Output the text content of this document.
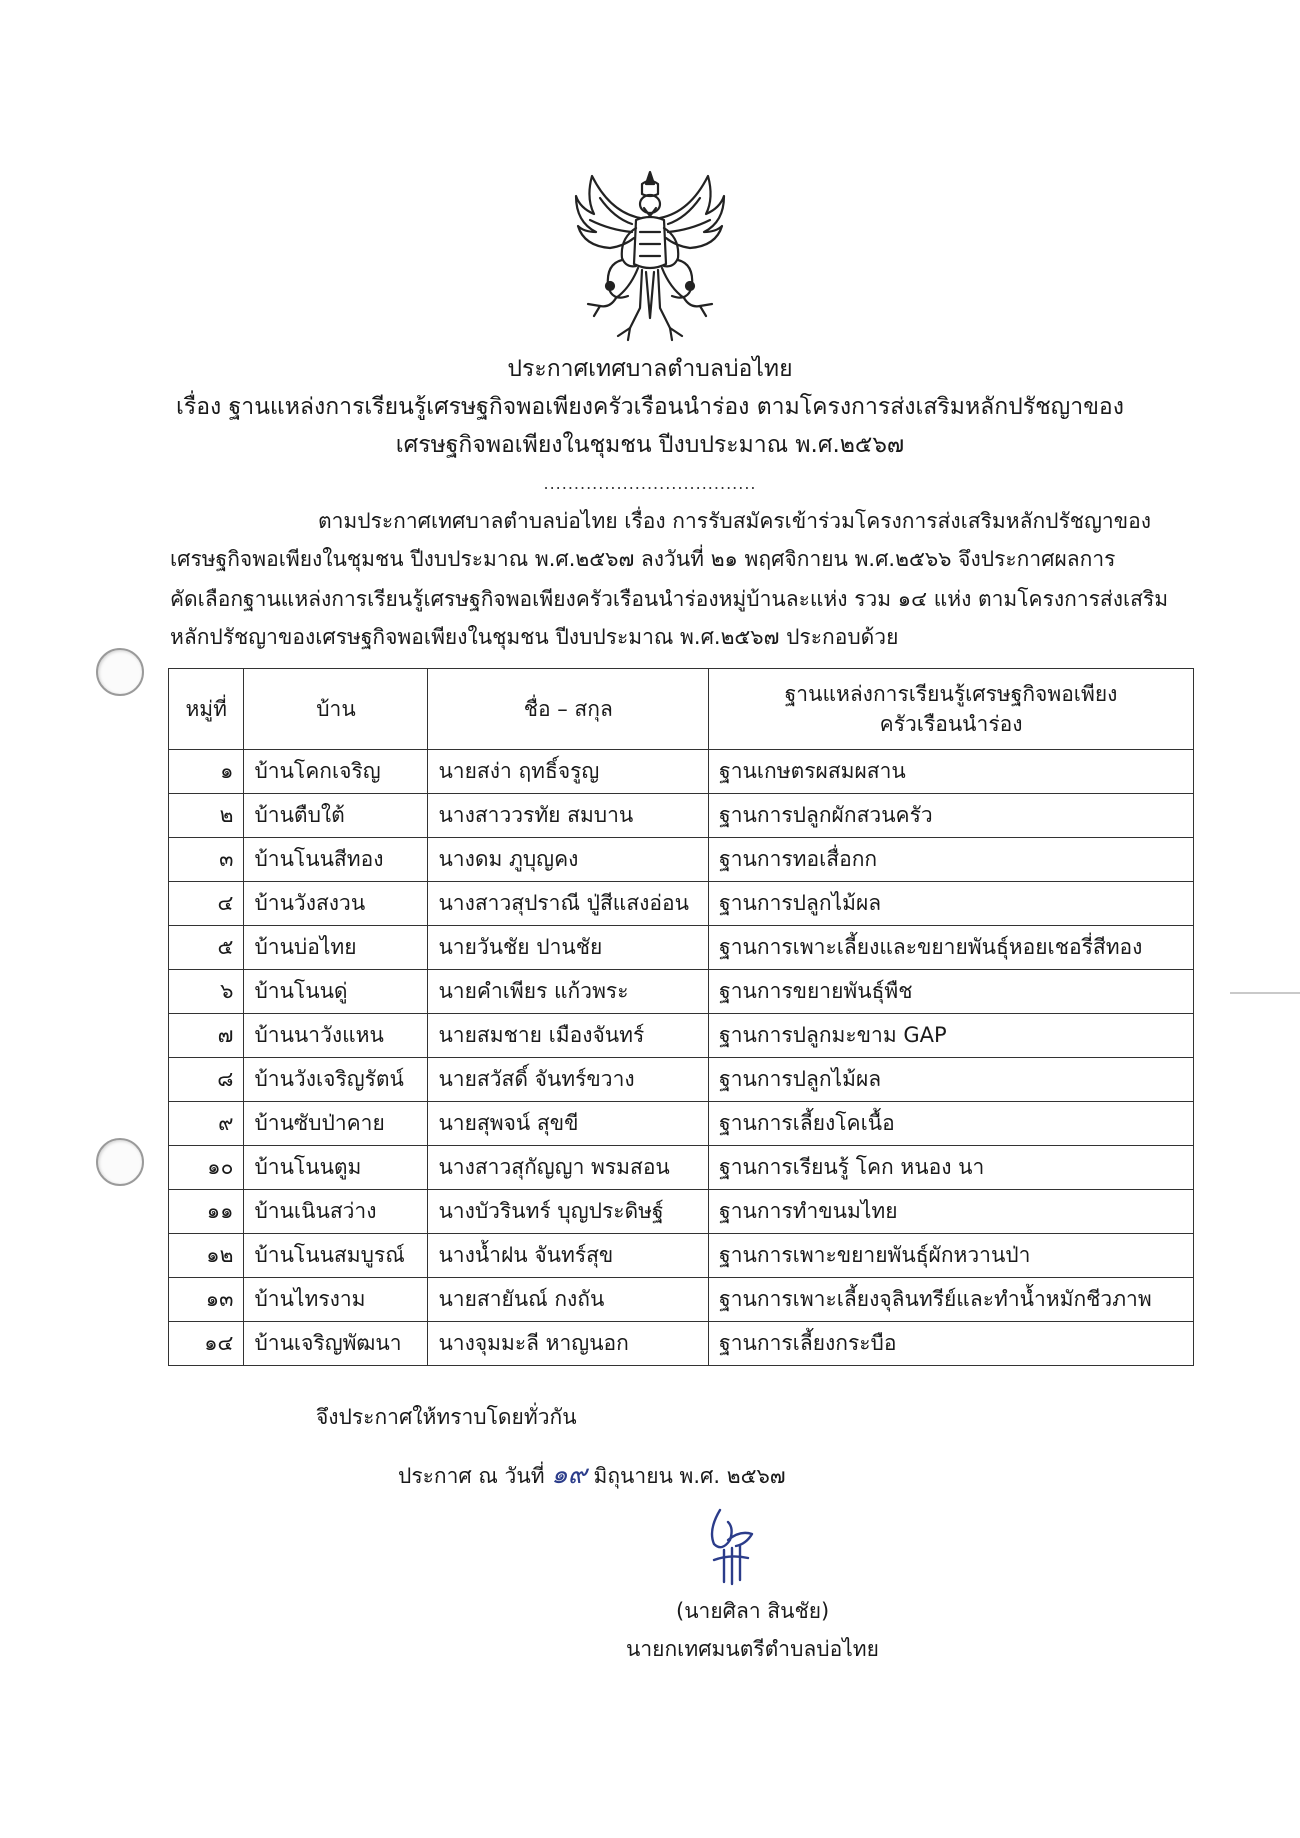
ประกาศเทศบาลตำบลบ่อไทย
เรื่อง ฐานแหล่งการเรียนรู้เศรษฐกิจพอเพียงครัวเรือนนำร่อง ตามโครงการส่งเสริมหลักปรัชญาของ
เศรษฐกิจพอเพียงในชุมชน ปีงบประมาณ พ.ศ.๒๕๖๗
...................................
ตามประกาศเทศบาลตำบลบ่อไทย เรื่อง การรับสมัครเข้าร่วมโครงการส่งเสริมหลักปรัชญาของ
เศรษฐกิจพอเพียงในชุมชน ปีงบประมาณ พ.ศ.๒๕๖๗ ลงวันที่ ๒๑ พฤศจิกายน พ.ศ.๒๕๖๖ จึงประกาศผลการ
คัดเลือกฐานแหล่งการเรียนรู้เศรษฐกิจพอเพียงครัวเรือนนำร่องหมู่บ้านละแห่ง รวม ๑๔ แห่ง ตามโครงการส่งเสริม
หลักปรัชญาของเศรษฐกิจพอเพียงในชุมชน ปีงบประมาณ พ.ศ.๒๕๖๗ ประกอบด้วย
หมู่ที่	บ้าน	ชื่อ – สกุล	ฐานแหล่งการเรียนรู้เศรษฐกิจพอเพียง
ครัวเรือนนำร่อง

๑	บ้านโคกเจริญ	นายสง่า ฤทธิ์จรูญ	ฐานเกษตรผสมผสาน
๒	บ้านตืบใต้	นางสาววรทัย สมบาน	ฐานการปลูกผักสวนครัว
๓	บ้านโนนสีทอง	นางดม ภูบุญคง	ฐานการทอเสื่อกก
๔	บ้านวังสงวน	นางสาวสุปราณี ปู่สีแสงอ่อน	ฐานการปลูกไม้ผล
๕	บ้านบ่อไทย	นายวันชัย ปานชัย	ฐานการเพาะเลี้ยงและขยายพันธุ์หอยเชอรี่สีทอง
๖	บ้านโนนดู่	นายคำเพียร แก้วพระ	ฐานการขยายพันธุ์พืช
๗	บ้านนาวังแหน	นายสมชาย เมืองจันทร์	ฐานการปลูกมะขาม GAP
๘	บ้านวังเจริญรัตน์	นายสวัสดิ์ จันทร์ขวาง	ฐานการปลูกไม้ผล
๙	บ้านซับป่าคาย	นายสุพจน์ สุขขี	ฐานการเลี้ยงโคเนื้อ
๑๐	บ้านโนนตูม	นางสาวสุกัญญา พรมสอน	ฐานการเรียนรู้ โคก หนอง นา
๑๑	บ้านเนินสว่าง	นางบัวรินทร์ บุญประดิษฐ์	ฐานการทำขนมไทย
๑๒	บ้านโนนสมบูรณ์	นางน้ำฝน จันทร์สุข	ฐานการเพาะขยายพันธุ์ผักหวานป่า
๑๓	บ้านไทรงาม	นายสายันณ์ กงถัน	ฐานการเพาะเลี้ยงจุลินทรีย์และทำน้ำหมักชีวภาพ
๑๔	บ้านเจริญพัฒนา	นางจุมมะลี หาญนอก	ฐานการเลี้ยงกระบือ
จึงประกาศให้ทราบโดยทั่วกัน
ประกาศ ณ วันที่ ๑๙ มิถุนายน พ.ศ. ๒๕๖๗
(นายศิลา สินชัย)
นายกเทศมนตรีตำบลบ่อไทย
